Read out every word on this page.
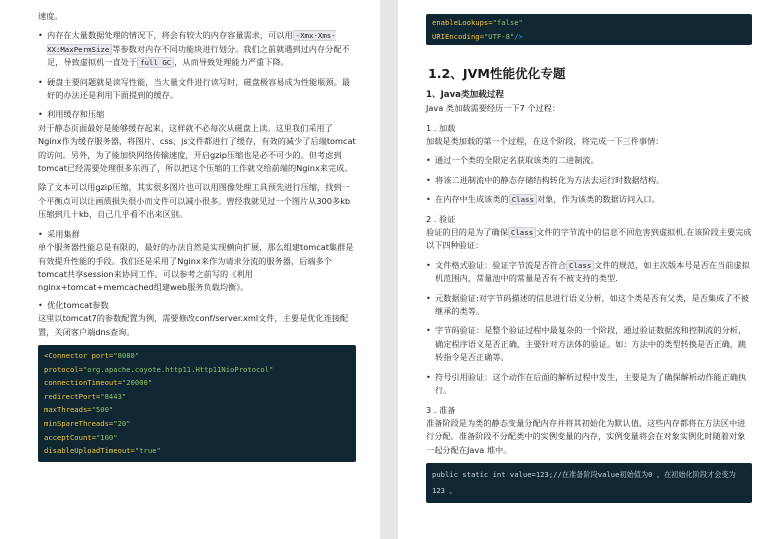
速度。

• 内存在大量数据处理的情况下，将会有较大的内存容量需求，可以用 -Xmx-Xms-XX:MaxPermSize 等参数对内存不同功能块进行划分。我们之前就遇到过内存分配不足，导致虚拟机一直处于 full GC ，从而导致处理能力严重下降。

• 硬盘主要问题就是读写性能，当大量文件进行读写时，磁盘极容易成为性能瓶颈。最好的办法还是利用下面提到的缓存。

• 利用缓存和压缩

对于静态页面最好是能够缓存起来，这样就不必每次从磁盘上读。这里我们采用了Nginx作为缓存服务器，将图片、css、js文件都进行了缓存，有效的减少了后端tomcat的访问。另外，为了能加快网络传输速度，开启gzip压缩也是必不可少的。但考虑到tomcat已经需要处理很多东西了，所以把这个压缩的工作就交给前端的Nginx来完成。

除了文本可以用gzip压缩，其实很多图片也可以用图像处理工具预先进行压缩，找到一个平衡点可以让画质损失很小而文件可以减小很多。曾经我就见过一个图片从300多kb压缩到几十kb，自己几乎看不出来区别。

• 采用集群

单个服务器性能总是有限的，最好的办法自然是实现横向扩展，那么组建tomcat集群是有效提升性能的手段。我们还是采用了Nginx来作为请求分流的服务器，后端多个tomcat共享session来协同工作。可以参考之前写的《利用nginx+tomcat+memcached组建web服务负载均衡》。

• 优化tomcat参数

这里以tomcat7的参数配置为例，需要修改conf/server.xml文件，主要是优化连接配置，关闭客户端dns查询。

<Connector port="8080"
protocol="org.apache.coyote.http11.Http11NioProtocol"
connectionTimeout="20000"
redirectPort="8443"
maxThreads="500"
minSpareThreads="20"
acceptCount="100"
disableUploadTimeout="true"
enableLookups="false"
URIEncoding="UTF-8"/>
1.2、JVM性能优化专题
1、Java类加载过程

Java 类加载需要经历一下7 个过程：

1 . 加载

加载是类加载的第一个过程，在这个阶段，将完成一下三件事情：

• 通过一个类的全限定名获取该类的二进制流。

• 将该二进制流中的静态存储结构转化为方法去运行时数据结构。

• 在内存中生成该类的 Class 对象，作为该类的数据访问入口。

2 . 验证

验证的目的是为了确保 Class 文件的字节流中的信息不回危害到虚拟机.在该阶段主要完成以下四种验证：

• 文件格式验证：验证字节流是否符合 Class 文件的规范，如主次版本号是否在当前虚拟机范围内，常量池中的常量是否有不被支持的类型.

• 元数据验证:对字节码描述的信息进行语义分析，如这个类是否有父类，是否集成了不被继承的类等。

• 字节码验证：是整个验证过程中最复杂的一个阶段，通过验证数据流和控制流的分析，确定程序语义是否正确，主要针对方法体的验证。如：方法中的类型转换是否正确，跳转指令是否正确等。

• 符号引用验证：这个动作在后面的解析过程中发生，主要是为了确保解析动作能正确执行。

3 . 准备

准备阶段是为类的静态变量分配内存并将其初始化为默认值，这些内存都将在方法区中进行分配。准备阶段不分配类中的实例变量的内存，实例变量将会在对象实例化时随着对象一起分配在Java 堆中。

public static int value=123;//在准备阶段value初始值为0 。在初始化阶段才会变为123 。
